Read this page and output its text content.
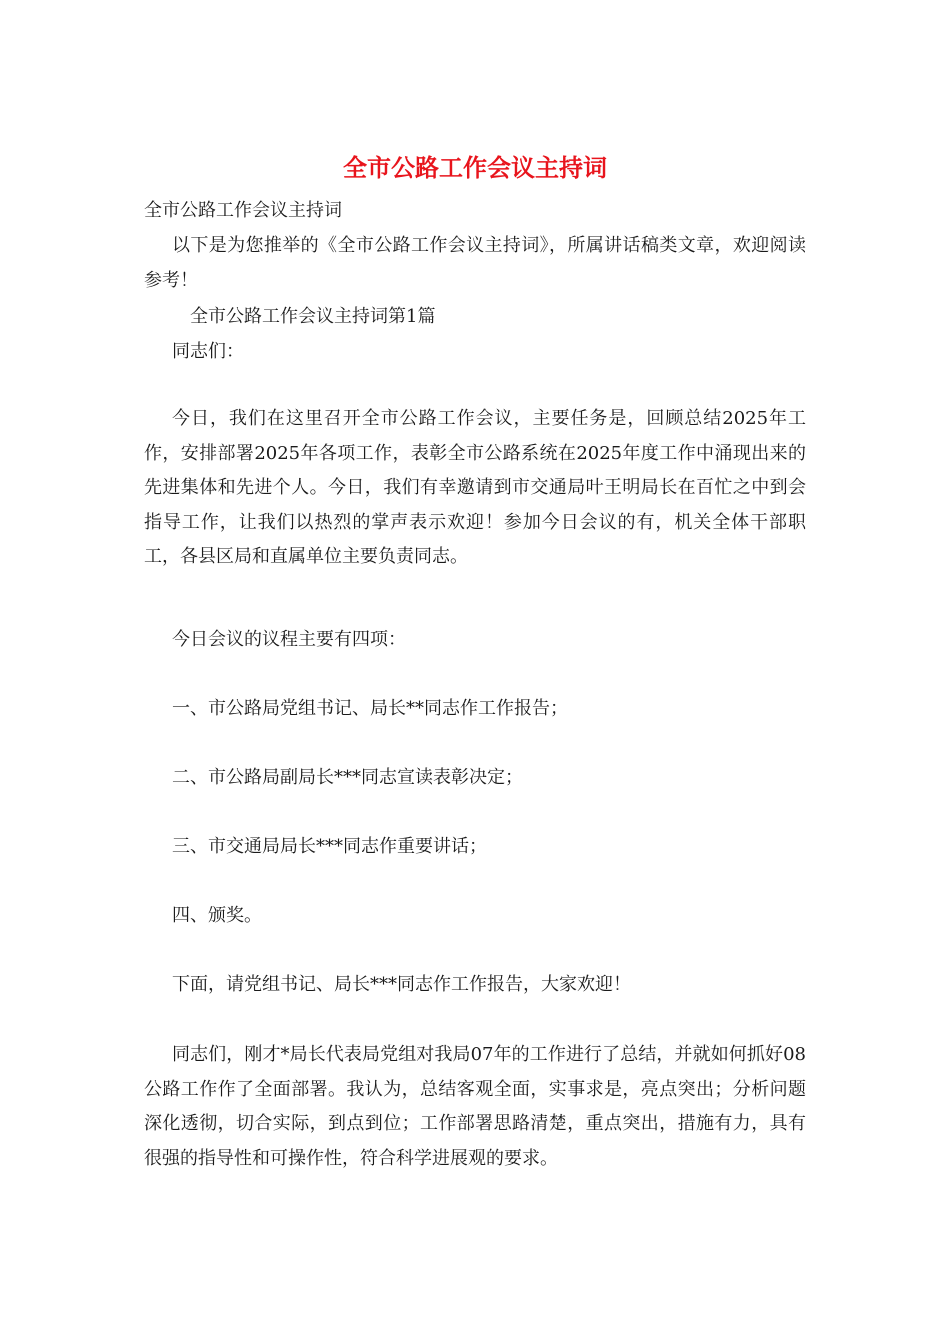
全市公路工作会议主持词

全市公路工作会议主持词

以下是为您推举的《全市公路工作会议主持词》，所属讲话稿类文章，欢迎阅读参考！

全市公路工作会议主持词第1篇

同志们：

今日，我们在这里召开全市公路工作会议，主要任务是，回顾总结2025年工作，安排部署2025年各项工作，表彰全市公路系统在2025年度工作中涌现出来的先进集体和先进个人。今日，我们有幸邀请到市交通局叶王明局长在百忙之中到会指导工作，让我们以热烈的掌声表示欢迎！参加今日会议的有，机关全体干部职工，各县区局和直属单位主要负责同志。

今日会议的议程主要有四项：

一、市公路局党组书记、局长**同志作工作报告；

二、市公路局副局长***同志宣读表彰决定；

三、市交通局局长***同志作重要讲话；

四、颁奖。

下面，请党组书记、局长***同志作工作报告，大家欢迎！

同志们，刚才*局长代表局党组对我局07年的工作进行了总结，并就如何抓好08公路工作作了全面部署。我认为，总结客观全面，实事求是，亮点突出；分析问题深化透彻，切合实际，到点到位；工作部署思路清楚，重点突出，措施有力，具有很强的指导性和可操作性，符合科学进展观的要求。
